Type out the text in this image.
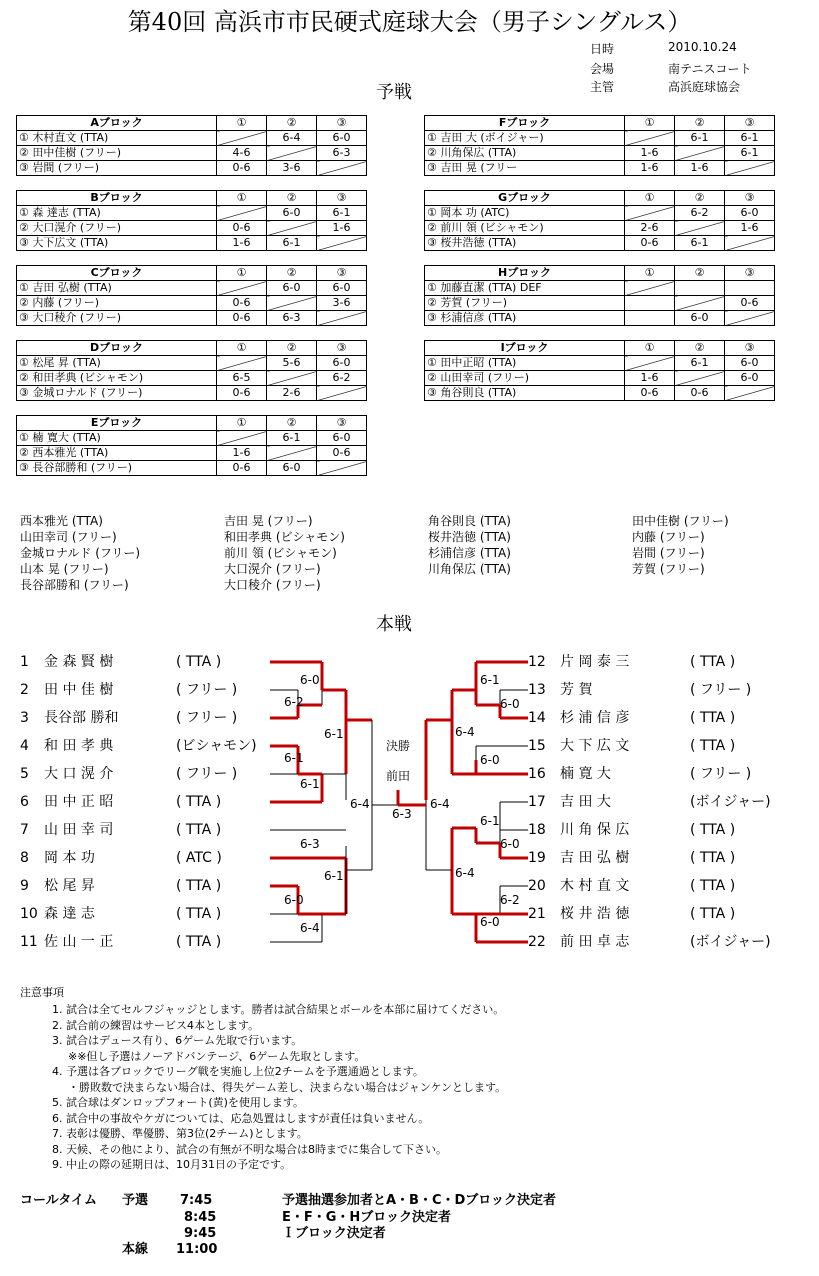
第40回 高浜市市民硬式庭球大会（男子シングルス）
日時	2010.10.24
会場	南テニスコート
主管	高浜庭球協会
予戦
Aブロック	①	②	③
① 木村直文 (TTA)		6-4	6-0
② 田中佳樹 (フリー)	4-6		6-3
③ 岩間 (フリー)	0-6	3-6	
Bブロック	①	②	③
① 森 達志 (TTA)		6-0	6-1
② 大口滉介 (フリー)	0-6		1-6
③ 大下広文 (TTA)	1-6	6-1	
Cブロック	①	②	③
① 吉田 弘樹 (TTA)		6-0	6-0
② 内藤 (フリー)	0-6		3-6
③ 大口稜介 (フリー)	0-6	6-3	
Dブロック	①	②	③
① 松尾 昇 (TTA)		5-6	6-0
② 和田孝典 (ビシャモン)	6-5		6-2
③ 金城ロナルド (フリー)	0-6	2-6	
Eブロック	①	②	③
① 楠 寛大 (TTA)		6-1	6-0
② 西本雅光 (TTA)	1-6		0-6
③ 長谷部勝和 (フリー)	0-6	6-0	
Fブロック	①	②	③
① 吉田 大 (ボイジャー)		6-1	6-1
② 川角保広 (TTA)	1-6		6-1
③ 吉田 晃 (フリー	1-6	1-6	
Gブロック	①	②	③
① 岡本 功 (ATC)		6-2	6-0
② 前川 領 (ビシャモン)	2-6		1-6
③ 桜井浩徳 (TTA)	0-6	6-1	
Hブロック	①	②	③
① 加藤直潔 (TTA) DEF			
② 芳賀 (フリー)			0-6
③ 杉浦信彦 (TTA)		6-0	
Iブロック	①	②	③
① 田中正昭 (TTA)		6-1	6-0
② 山田幸司 (フリー)	1-6		6-0
③ 角谷則良 (TTA)	0-6	0-6	
西本雅光 (TTA)
山田幸司 (フリー)
金城ロナルド (フリー)
山本 晃 (フリー)
長谷部勝和 (フリー)
吉田 晃 (フリー)
和田孝典 (ビシャモン)
前川 領 (ビシャモン)
大口滉介 (フリー)
大口稜介 (フリー)
角谷則良 (TTA)
桜井浩徳 (TTA)
杉浦信彦 (TTA)
川角保広 (TTA)
田中佳樹 (フリー)
内藤 (フリー)
岩間 (フリー)
芳賀 (フリー)
本戦
1 金 森 賢 樹	( TTA )
2 田 中 佳 樹	( フリー )
3 長谷部 勝和	( フリー )
4 和 田 孝 典	(ビシャモン)
5 大 口 滉 介	( フリー )
6 田 中 正 昭	( TTA )
7 山 田 幸 司	( TTA )
8 岡 本 功	( ATC )
9 松 尾 昇	( TTA )
10 森 達 志	( TTA )
11 佐 山 一 正	( TTA )
12 片 岡 泰 三	( TTA )
13 芳 賀	( フリー )
14 杉 浦 信 彦	( TTA )
15 大 下 広 文	( TTA )
16 楠 寛 大	( フリー )
17 吉 田 大	(ボイジャー)
18 川 角 保 広	( TTA )
19 吉 田 弘 樹	( TTA )
20 木 村 直 文	( TTA )
21 桜 井 浩 徳	( TTA )
22 前 田 卓 志	(ボイジャー)
6-0
6-2
6-1
6-1
6-1
6-3
6-4
6-1
6-0
6-4
6-1
6-0
6-4
6-0
6-1
6-0
6-4
6-2
6-0
6-4
決勝
前田
6-3
注意事項
1. 試合は全てセルフジャッジとします。勝者は試合結果とボールを本部に届けてください。
2. 試合前の練習はサービス4本とします。
3. 試合はデュース有り、6ゲーム先取で行います。
※※但し予選はノーアドバンテージ、6ゲーム先取とします。
4. 予選は各ブロックでリーグ戦を実施し上位2チームを予選通過とします。
・勝敗数で決まらない場合は、得失ゲーム差し、決まらない場合はジャンケンとします。
5. 試合球はダンロップフォート(黄)を使用します。
6. 試合中の事故やケガについては、応急処置はしますが責任は負いません。
7. 表彰は優勝、準優勝、第3位(2チーム)とします。
8. 天候、その他により、試合の有無が不明な場合は8時までに集合して下さい。
9. 中止の際の延期日は、10月31日の予定です。
コールタイム 予選 7:45	予選抽選参加者とA・B・C・Dブロック決定者
8:45	E・F・G・Hブロック決定者
9:45	Ｉブロック決定者
本線 11:00
